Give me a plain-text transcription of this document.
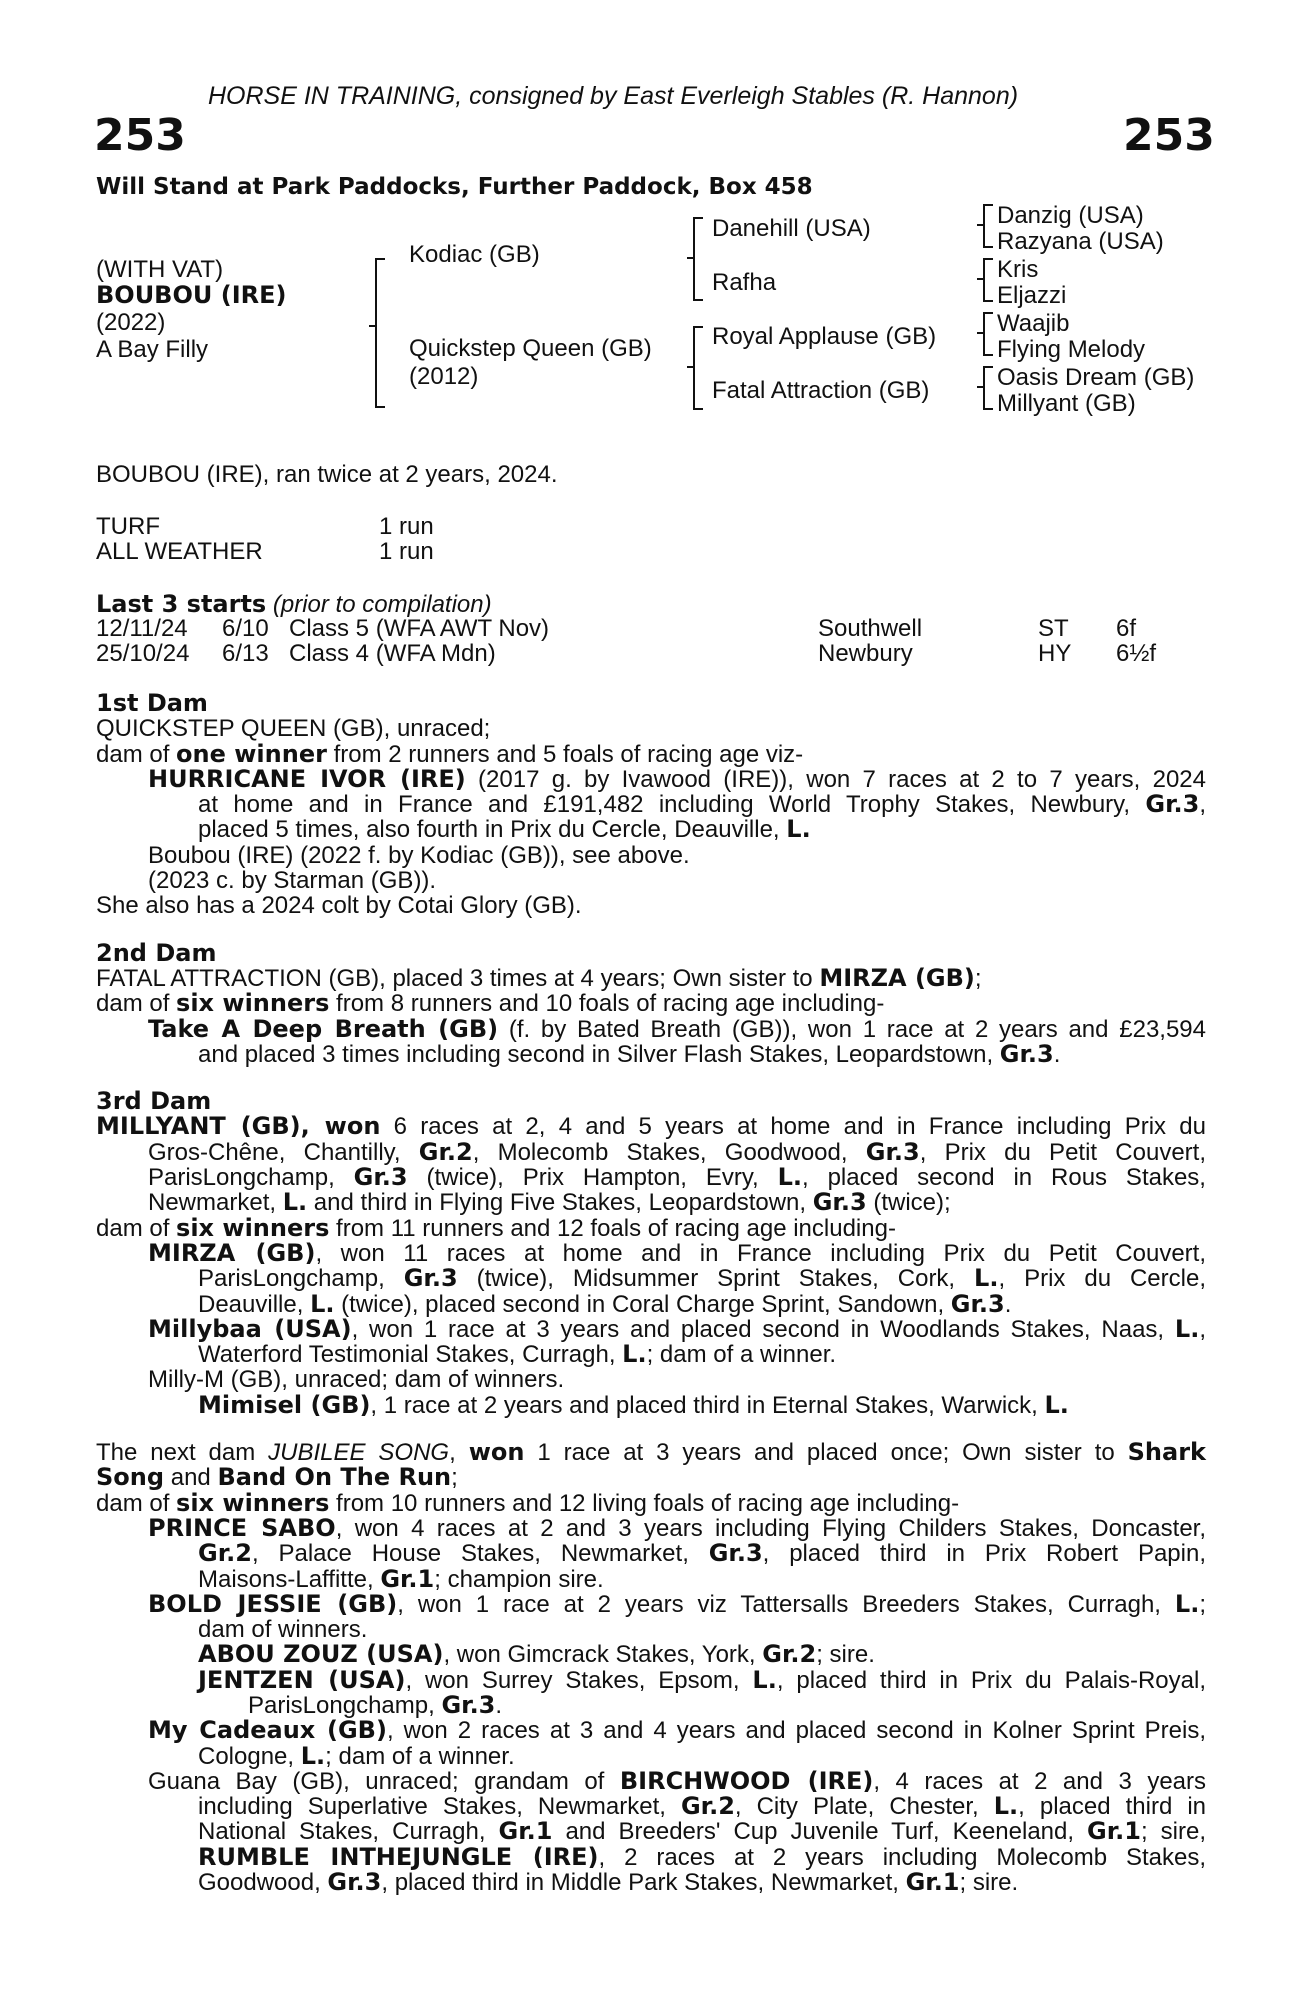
HORSE IN TRAINING, consigned by East Everleigh Stables (R. Hannon)
253	253
Will Stand at Park Paddocks, Further Paddock, Box 458
(WITH VAT)
BOUBOU (IRE)
(2022)
A Bay Filly
Kodiac (GB)
Quickstep Queen (GB)
(2012)
Danehill (USA)
Rafha
Royal Applause (GB)
Fatal Attraction (GB)
Danzig (USA)
Razyana (USA)
Kris
Eljazzi
Waajib
Flying Melody
Oasis Dream (GB)
Millyant (GB)
BOUBOU (IRE), ran twice at 2 years, 2024.
TURF	1 run
ALL WEATHER	1 run
Last 3 starts (prior to compilation)
12/11/24 6/10 Class 5 (WFA AWT Nov)	Southwell	ST 6f
25/10/24 6/13 Class 4 (WFA Mdn)	Newbury	HY 6½f
1st Dam
QUICKSTEP QUEEN (GB), unraced;
dam of one winner from 2 runners and 5 foals of racing age viz-
HURRICANE IVOR (IRE) (2017 g. by Ivawood (IRE)), won 7 races at 2 to 7 years, 2024
at home and in France and £191,482 including World Trophy Stakes, Newbury, Gr.3,
placed 5 times, also fourth in Prix du Cercle, Deauville, L.
Boubou (IRE) (2022 f. by Kodiac (GB)), see above.
(2023 c. by Starman (GB)).
She also has a 2024 colt by Cotai Glory (GB).
2nd Dam
FATAL ATTRACTION (GB), placed 3 times at 4 years; Own sister to MIRZA (GB);
dam of six winners from 8 runners and 10 foals of racing age including-
Take A Deep Breath (GB) (f. by Bated Breath (GB)), won 1 race at 2 years and £23,594
and placed 3 times including second in Silver Flash Stakes, Leopardstown, Gr.3.
3rd Dam
MILLYANT (GB), won 6 races at 2, 4 and 5 years at home and in France including Prix du
Gros-Chêne, Chantilly, Gr.2, Molecomb Stakes, Goodwood, Gr.3, Prix du Petit Couvert,
ParisLongchamp, Gr.3 (twice), Prix Hampton, Evry, L., placed second in Rous Stakes,
Newmarket, L. and third in Flying Five Stakes, Leopardstown, Gr.3 (twice);
dam of six winners from 11 runners and 12 foals of racing age including-
MIRZA (GB), won 11 races at home and in France including Prix du Petit Couvert,
ParisLongchamp, Gr.3 (twice), Midsummer Sprint Stakes, Cork, L., Prix du Cercle,
Deauville, L. (twice), placed second in Coral Charge Sprint, Sandown, Gr.3.
Millybaa (USA), won 1 race at 3 years and placed second in Woodlands Stakes, Naas, L.,
Waterford Testimonial Stakes, Curragh, L.; dam of a winner.
Milly-M (GB), unraced; dam of winners.
Mimisel (GB), 1 race at 2 years and placed third in Eternal Stakes, Warwick, L.
The next dam JUBILEE SONG, won 1 race at 3 years and placed once; Own sister to Shark
Song and Band On The Run;
dam of six winners from 10 runners and 12 living foals of racing age including-
PRINCE SABO, won 4 races at 2 and 3 years including Flying Childers Stakes, Doncaster,
Gr.2, Palace House Stakes, Newmarket, Gr.3, placed third in Prix Robert Papin,
Maisons-Laffitte, Gr.1; champion sire.
BOLD JESSIE (GB), won 1 race at 2 years viz Tattersalls Breeders Stakes, Curragh, L.;
dam of winners.
ABOU ZOUZ (USA), won Gimcrack Stakes, York, Gr.2; sire.
JENTZEN (USA), won Surrey Stakes, Epsom, L., placed third in Prix du Palais-Royal,
ParisLongchamp, Gr.3.
My Cadeaux (GB), won 2 races at 3 and 4 years and placed second in Kolner Sprint Preis,
Cologne, L.; dam of a winner.
Guana Bay (GB), unraced; grandam of BIRCHWOOD (IRE), 4 races at 2 and 3 years
including Superlative Stakes, Newmarket, Gr.2, City Plate, Chester, L., placed third in
National Stakes, Curragh, Gr.1 and Breeders' Cup Juvenile Turf, Keeneland, Gr.1; sire,
RUMBLE INTHEJUNGLE (IRE), 2 races at 2 years including Molecomb Stakes,
Goodwood, Gr.3, placed third in Middle Park Stakes, Newmarket, Gr.1; sire.
